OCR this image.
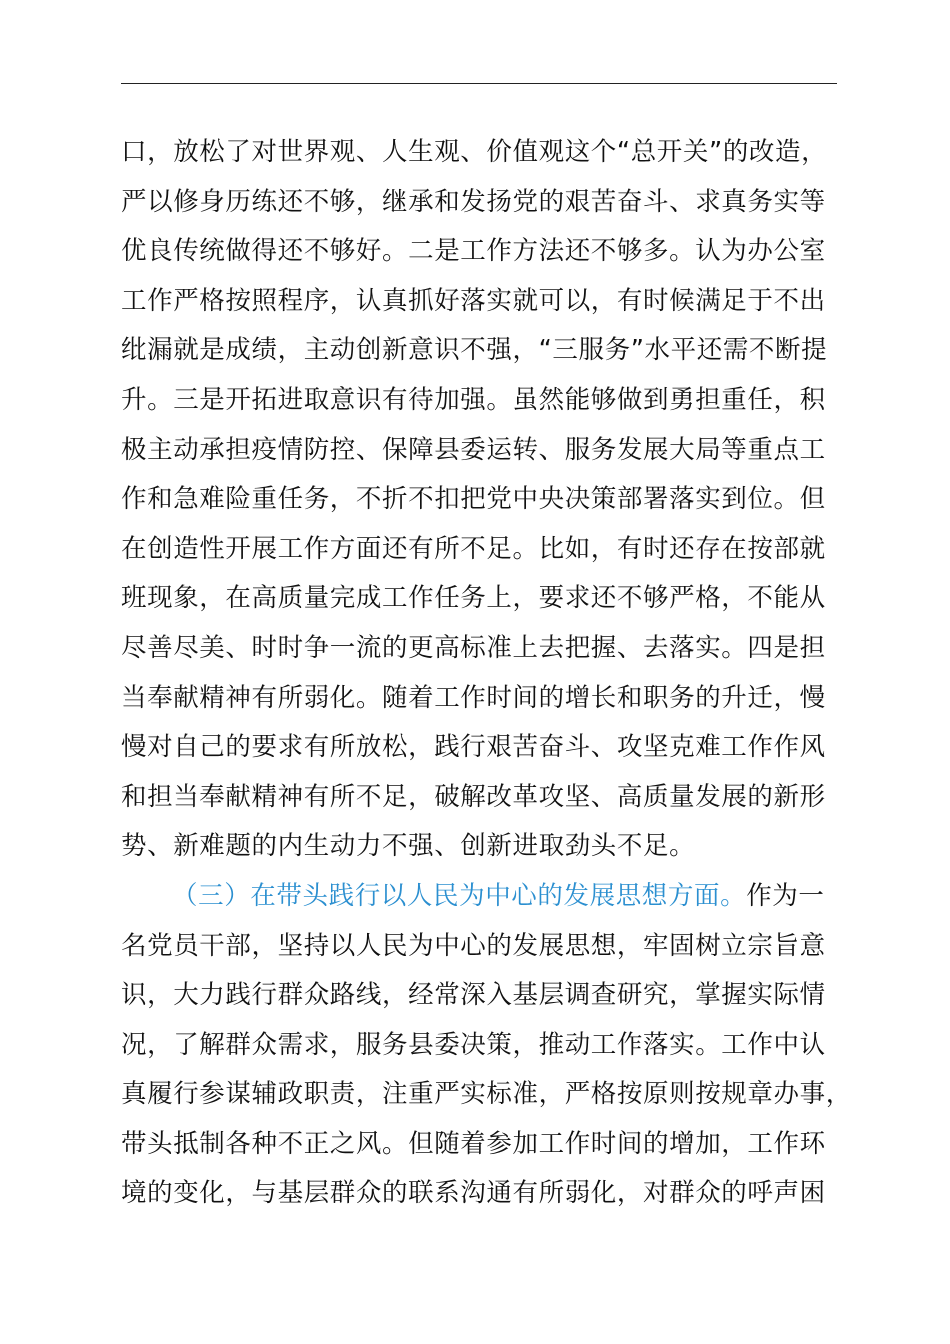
口，放松了对世界观、人生观、价值观这个“总开关”的改造，
严以修身历练还不够，继承和发扬党的艰苦奋斗、求真务实等
优良传统做得还不够好。二是工作方法还不够多。认为办公室
工作严格按照程序，认真抓好落实就可以，有时候满足于不出
纰漏就是成绩，主动创新意识不强，“三服务”水平还需不断提
升。三是开拓进取意识有待加强。虽然能够做到勇担重任，积
极主动承担疫情防控、保障县委运转、服务发展大局等重点工
作和急难险重任务，不折不扣把党中央决策部署落实到位。但
在创造性开展工作方面还有所不足。比如，有时还存在按部就
班现象，在高质量完成工作任务上，要求还不够严格，不能从
尽善尽美、时时争一流的更高标准上去把握、去落实。四是担
当奉献精神有所弱化。随着工作时间的增长和职务的升迁，慢
慢对自己的要求有所放松，践行艰苦奋斗、攻坚克难工作作风
和担当奉献精神有所不足，破解改革攻坚、高质量发展的新形
势、新难题的内生动力不强、创新进取劲头不足。
（三）在带头践行以人民为中心的发展思想方面。作为一
名党员干部，坚持以人民为中心的发展思想，牢固树立宗旨意
识，大力践行群众路线，经常深入基层调查研究，掌握实际情
况，了解群众需求，服务县委决策，推动工作落实。工作中认
真履行参谋辅政职责，注重严实标准，严格按原则按规章办事，
带头抵制各种不正之风。但随着参加工作时间的增加，工作环
境的变化，与基层群众的联系沟通有所弱化，对群众的呼声困
